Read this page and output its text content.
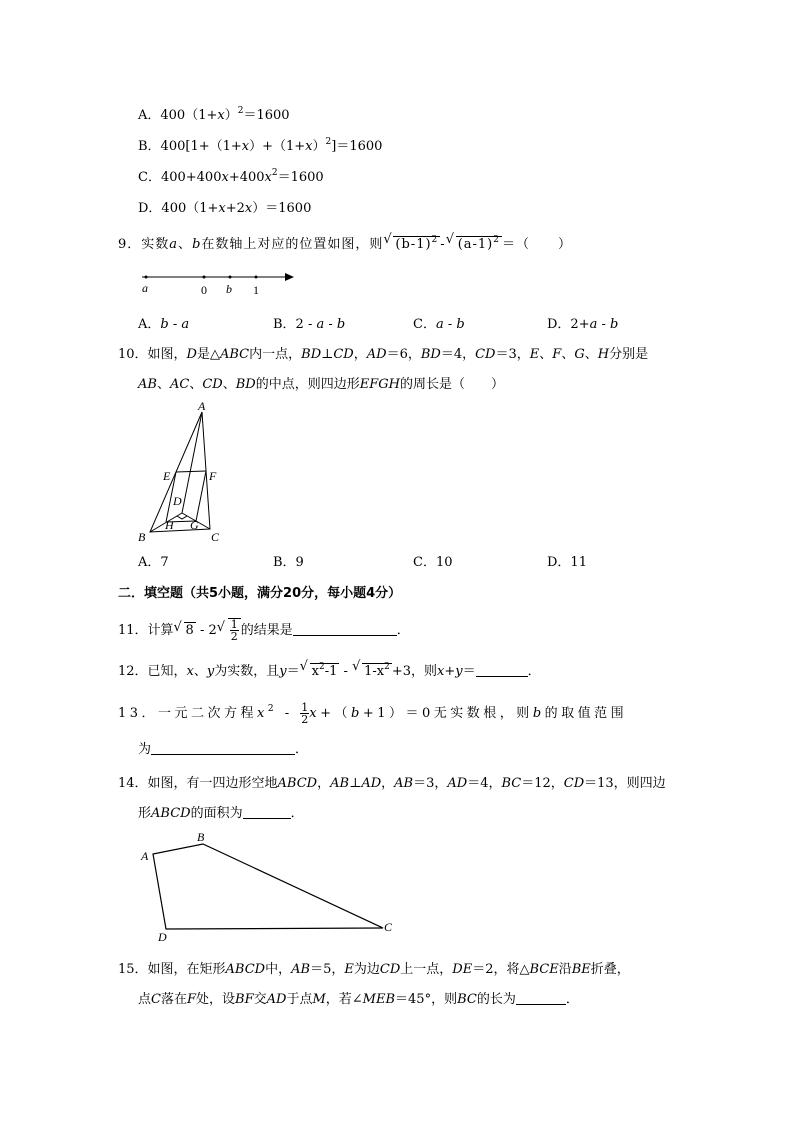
A．$400(1+x)^2=1600$
B．$400[1+(1+x)+(1+x)^2]=1600$
C．$400+400x+400x^2=1600$
D．400（1+x+2x）＝1600
9．实数a、b在数轴上对应的位置如图，则 √ $(b-1)^2$ - √ $(a-1)^2$ ＝（　　）
a	0 b 1
A．b - a	B．2 - a - b	C．a - b	D．2+a - b
10．如图，D是△ABC内一点，BD⊥CD，AD＝6，BD＝4，CD＝3，E、F、G、H分别是
AB、AC、CD、BD的中点，则四边形EFGH的周长是（　　）
A
E	F
D
B
H G
C
A．7	B．9	C．10	D．11
二．填空题（共5小题，满分20分，每小题4分）
11．计算 √ 8 - 2 √ $\frac{1}{2}$ 的结果是	．
12．已知，x、y为实数，且y＝ √ $x^2-1$ - √ $1-x^2 +3$，则x+y＝	．
13．一元二次方程$x^2 - \frac{1}{2} x+(b+1)=0$无实数根，则b的取值范围
为	．
14．如图，有一四边形空地ABCD，AB⊥AD，AB＝3，AD＝4，BC＝12，CD＝13，则四边
形ABCD的面积为	．
A
B
C
D
15．如图，在矩形ABCD中，AB＝5，E为边CD上一点，DE＝2，将△BCE沿BE折叠，
点C落在F处，设BF交AD于点M，若∠MEB＝45°，则BC的长为	．
